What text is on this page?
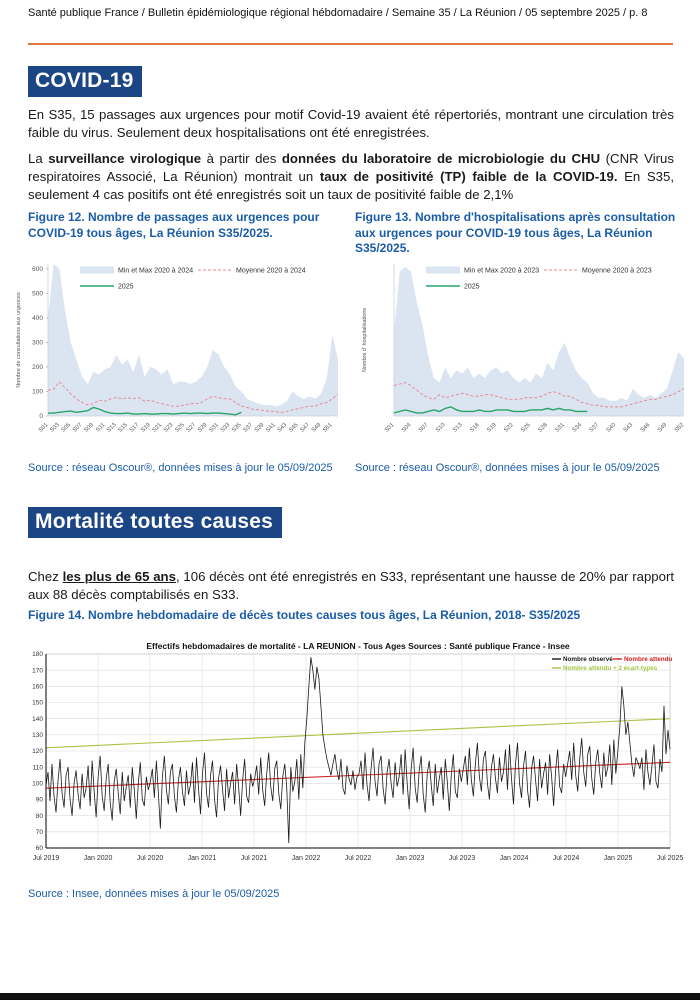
Santé publique France / Bulletin épidémiologique régional hébdomadaire / Semaine 35 / La Réunion / 05 septembre 2025 / p. 8
COVID-19
En S35, 15 passages aux urgences pour motif Covid-19 avaient été répertoriés, montrant une circulation très faible du virus. Seulement deux hospitalisations ont été enregistrées.
La surveillance virologique à partir des données du laboratoire de microbiologie du CHU (CNR Virus respiratoires Associé, La Réunion) montrait un taux de positivité (TP) faible de la COVID-19. En S35, seulement 4 cas positifs ont été enregistrés soit un taux de positivité faible de 2,1%
Figure 12. Nombre de passages aux urgences pour COVID-19 tous âges, La Réunion S35/2025.
Figure 13. Nombre d'hospitalisations après consultation aux urgences pour COVID-19 tous âges, La Réunion S35/2025.
0
100
200
300
400
500
600
S01 S03 S05 S07 S09 S11 S13 S15 S17 S19 S21 S23 S25 S27 S29 S31 S33 S35 S37 S39 S41 S43 S45 S47 S49 S51
Nombre de consultations aux urgences
Min et Max 2020 à 2024	Moyenne 2020 à 2024
2025
S01 S04 S07 S10 S13 S16 S19 S22 S25 S28 S31 S34 S37 S40 S43 S46 S49 S52
Nombre d' hospitalisations
Min et Max 2020 à 2023	Moyenne 2020 à 2023
2025
Source : réseau Oscour®, données mises à jour le 05/09/2025 Source : réseau Oscour®, données mises à jour le 05/09/2025
Mortalité toutes causes
Chez les plus de 65 ans, 106 décès ont été enregistrés en S33, représentant une hausse de 20% par rapport aux 88 décès comptabilisés en S33.
Figure 14. Nombre hebdomadaire de décès toutes causes tous âges, La Réunion, 2018- S35/2025
60
70
80
90
100
110
120
130
140
150
160
170
180
Jul 2019	Jan 2020	Jul 2020	Jan 2021	Jul 2021	Jan 2022	Jul 2022	Jan 2023	Jul 2023	Jan 2024	Jul 2024	Jan 2025	Jul 2025
Effectifs hebdomadaires de mortalité - LA REUNION - Tous Ages Sources : Santé publique France - Insee
Nombre observé Nombre attendu
Nombre attendu + 2 écart-types
Source : Insee, données mises à jour le 05/09/2025
